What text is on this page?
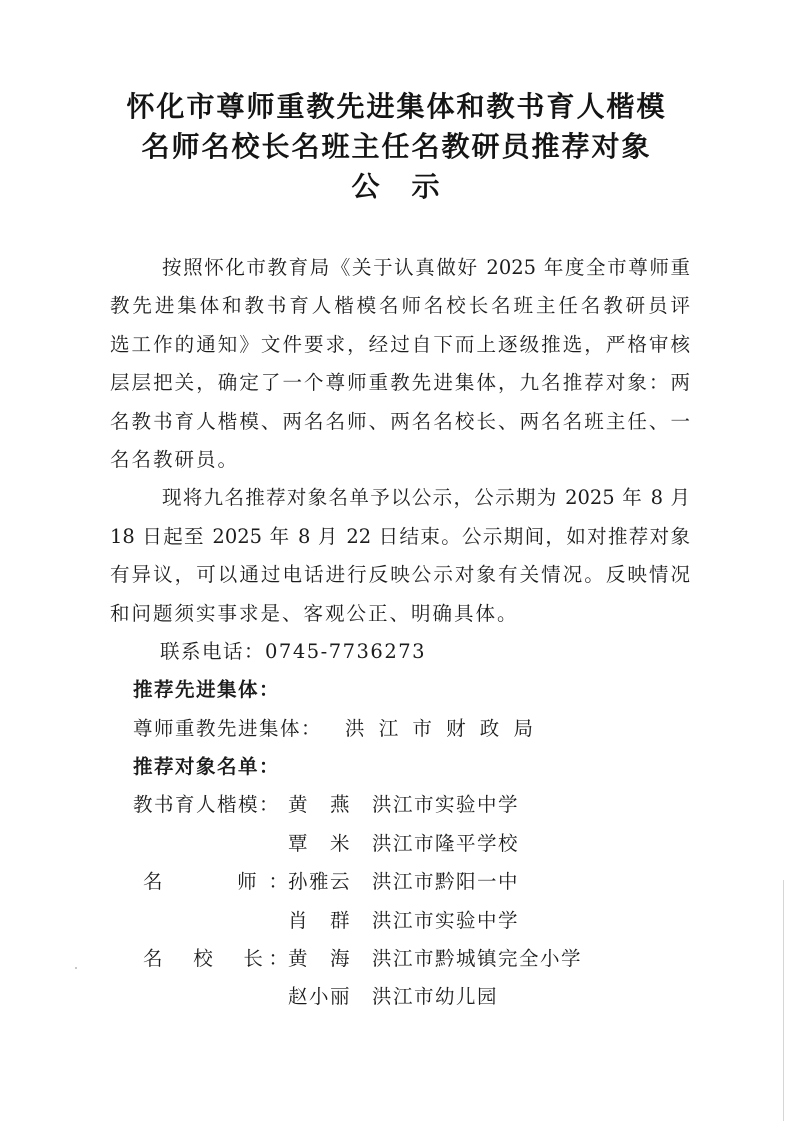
怀化市尊师重教先进集体和教书育人楷模
名师名校长名班主任名教研员推荐对象
公　示
按照怀化市教育局《关于认真做好 2025 年度全市尊师重
教先进集体和教书育人楷模名师名校长名班主任名教研员评
选工作的通知》文件要求，经过自下而上逐级推选，严格审核
层层把关，确定了一个尊师重教先进集体，九名推荐对象：两
名教书育人楷模、两名名师、两名名校长、两名名班主任、一
名名教研员。
现将九名推荐对象名单予以公示，公示期为 2025 年 8 月
18 日起至 2025 年 8 月 22 日结束。公示期间，如对推荐对象
有异议，可以通过电话进行反映公示对象有关情况。反映情况
和问题须实事求是、客观公正、明确具体。
联系电话：0745-7736273
推荐先进集体：
尊师重教先进集体： 洪 江 市 财 政 局
推荐对象名单：
教书育人楷模： 黄　燕 洪江市实验中学
覃　米 洪江市隆平学校
名　　师：孙雅云 洪江市黔阳一中
肖　群 洪江市实验中学
名　校　长：黄　海 洪江市黔城镇完全小学
赵小丽 洪江市幼儿园
